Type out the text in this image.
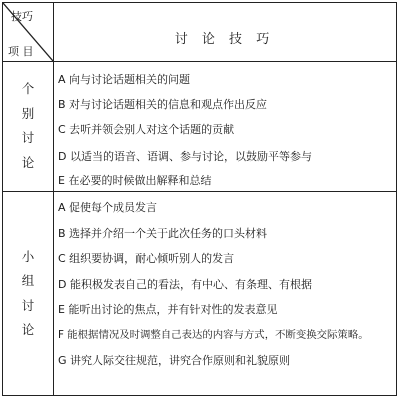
技巧
项 目
讨 论 技 巧
个
别
讨
论
A 向与讨论话题相关的问题
B 对与讨论话题相关的信息和观点作出反应
C 去听并领会别人对这个话题的贡献
D 以适当的语音、语调、参与讨论，以鼓励平等参与
E 在必要的时候做出解释和总结
小
组
讨
论
A 促使每个成员发言
B 选择并介绍一个关于此次任务的口头材料
C 组织要协调，耐心倾听别人的发言
D 能积极发表自己的看法，有中心、有条理、有根据
E 能听出讨论的焦点，并有针对性的发表意见
F 能根据情况及时调整自己表达的内容与方式，不断变换交际策略。
G 讲究人际交往规范，讲究合作原则和礼貌原则
